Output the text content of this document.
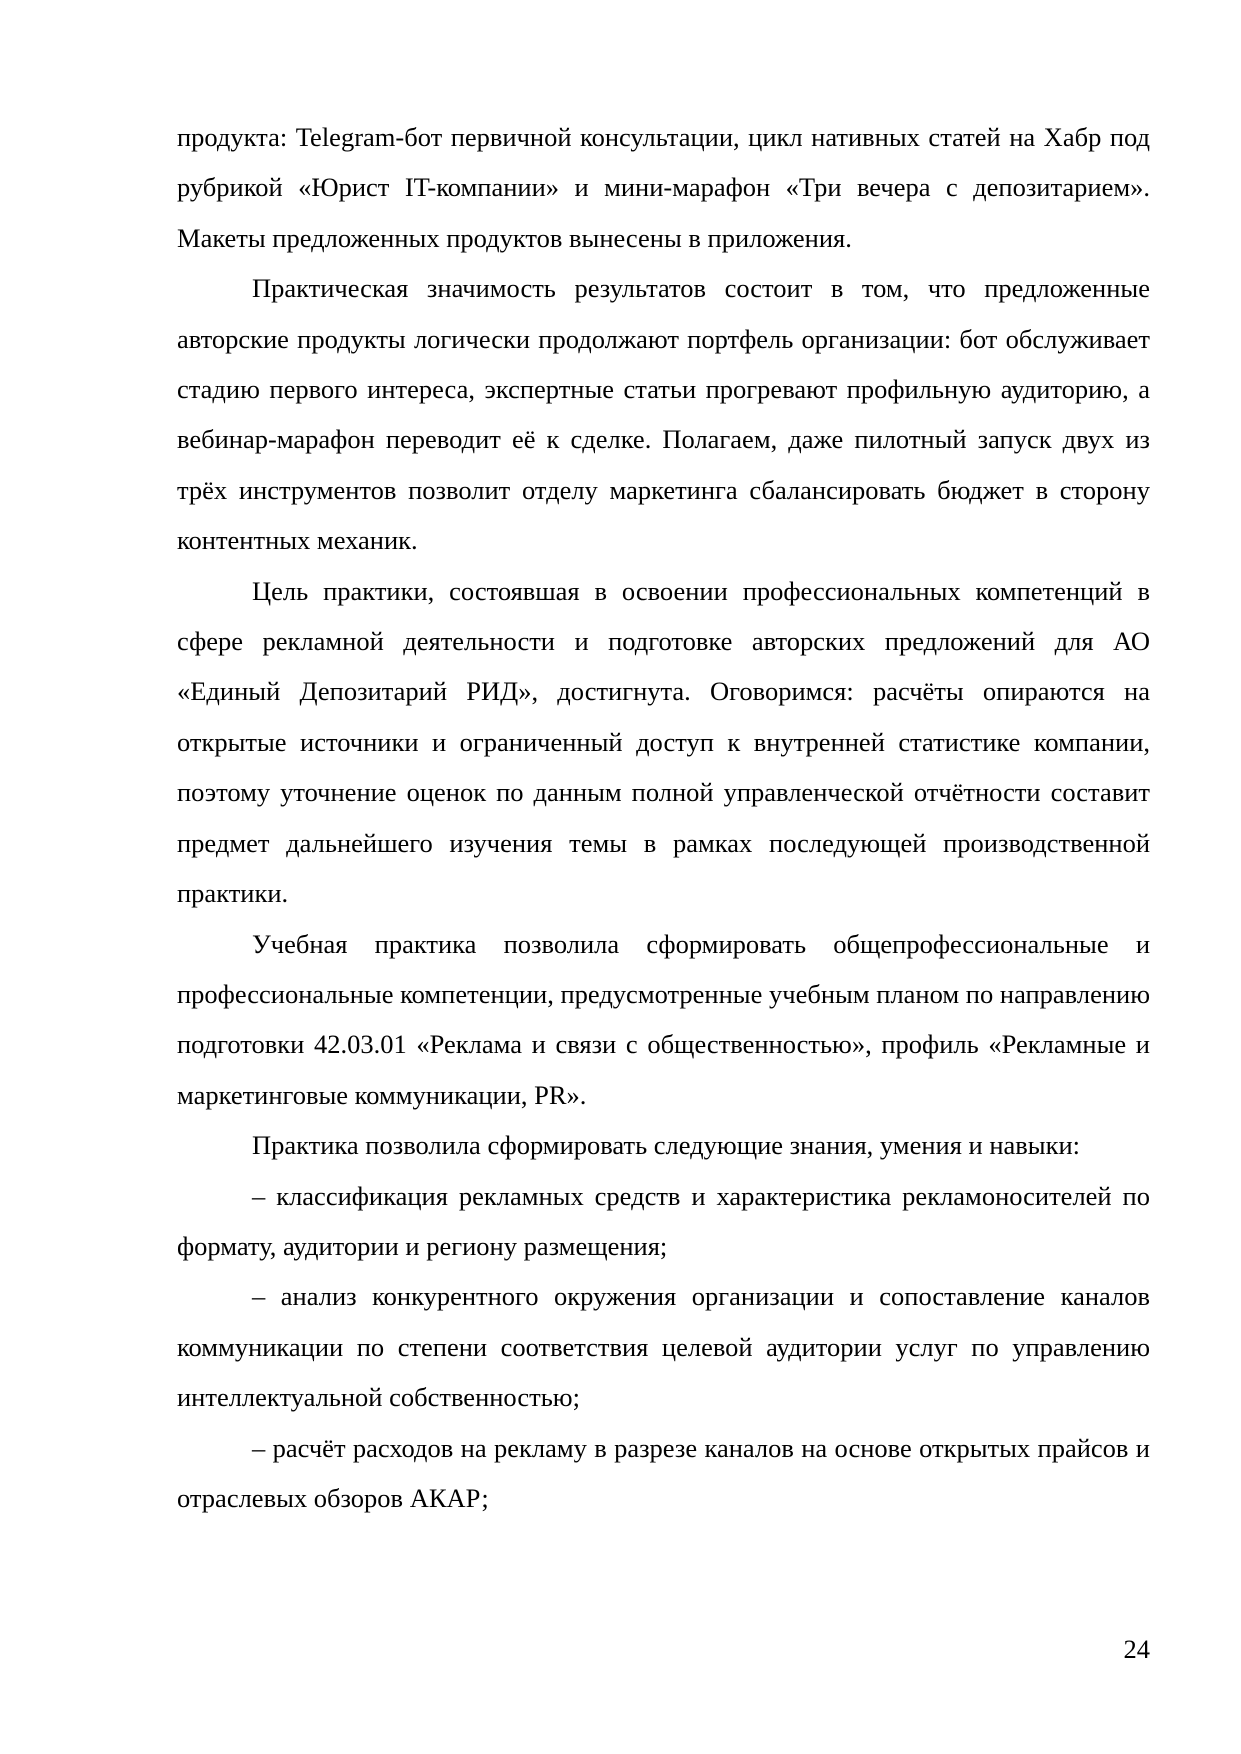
продукта: Telegram-бот первичной консультации, цикл нативных статей на Хабр под рубрикой «Юрист IT-компании» и мини-марафон «Три вечера с депозитарием». Макеты предложенных продуктов вынесены в приложения.

Практическая значимость результатов состоит в том, что предложенные авторские продукты логически продолжают портфель организации: бот обслуживает стадию первого интереса, экспертные статьи прогревают профильную аудиторию, а вебинар-марафон переводит её к сделке. Полагаем, даже пилотный запуск двух из трёх инструментов позволит отделу маркетинга сбалансировать бюджет в сторону контентных механик.

Цель практики, состоявшая в освоении профессиональных компетенций в сфере рекламной деятельности и подготовке авторских предложений для АО «Единый Депозитарий РИД», достигнута. Оговоримся: расчёты опираются на открытые источники и ограниченный доступ к внутренней статистике компании, поэтому уточнение оценок по данным полной управленческой отчётности составит предмет дальнейшего изучения темы в рамках последующей производственной практики.

Учебная практика позволила сформировать общепрофессиональные и профессиональные компетенции, предусмотренные учебным планом по направлению подготовки 42.03.01 «Реклама и связи с общественностью», профиль «Рекламные и маркетинговые коммуникации, PR».

Практика позволила сформировать следующие знания, умения и навыки:

– классификация рекламных средств и характеристика рекламоносителей по формату, аудитории и региону размещения;

– анализ конкурентного окружения организации и сопоставление каналов коммуникации по степени соответствия целевой аудитории услуг по управлению интеллектуальной собственностью;

– расчёт расходов на рекламу в разрезе каналов на основе открытых прайсов и отраслевых обзоров АКАР;

24
